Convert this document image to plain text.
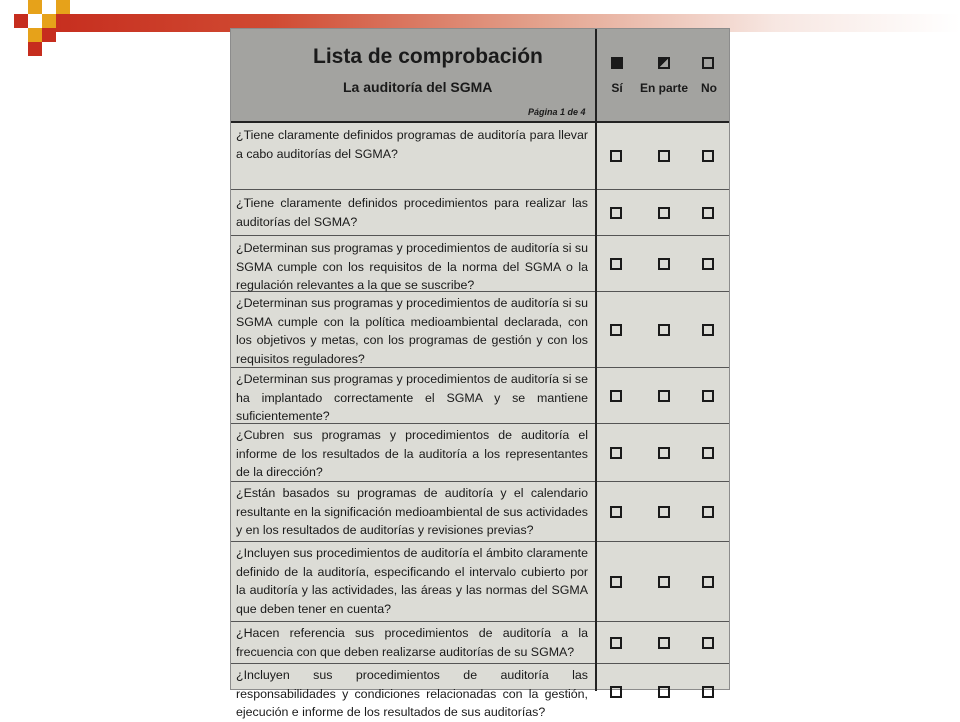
Lista de comprobación
La auditoría del SGMA
Página 1 de 4
Sí	En parte	No
¿Tiene claramente definidos programas de auditoría para llevar a cabo auditorías del SGMA?
¿Tiene claramente definidos procedimientos para realizar las auditorías del SGMA?
¿Determinan sus programas y procedimientos de auditoría si su SGMA cumple con los requisitos de la norma del SGMA o la regulación relevantes a la que se suscribe?
¿Determinan sus programas y procedimientos de auditoría si su SGMA cumple con la política medioambiental declarada, con los objetivos y metas, con los programas de gestión y con los requisitos reguladores?
¿Determinan sus programas y procedimientos de auditoría si se ha implantado correctamente el SGMA y se mantiene suficientemente?
¿Cubren sus programas y procedimientos de auditoría el informe de los resultados de la auditoría a los representantes de la dirección?
¿Están basados su programas de auditoría y el calendario resultante en la significación medioambiental de sus actividades y en los resultados de auditorías y revisiones previas?
¿Incluyen sus procedimientos de auditoría el ámbito claramente definido de la auditoría, especificando el intervalo cubierto por la auditoría y las actividades, las áreas y las normas del SGMA que deben tener en cuenta?
¿Hacen referencia sus procedimientos de auditoría a la frecuencia con que deben realizarse auditorías de su SGMA?
¿Incluyen sus procedimientos de auditoría las responsabilidades y condiciones relacionadas con la gestión, ejecución e informe de los resultados de sus auditorías?
